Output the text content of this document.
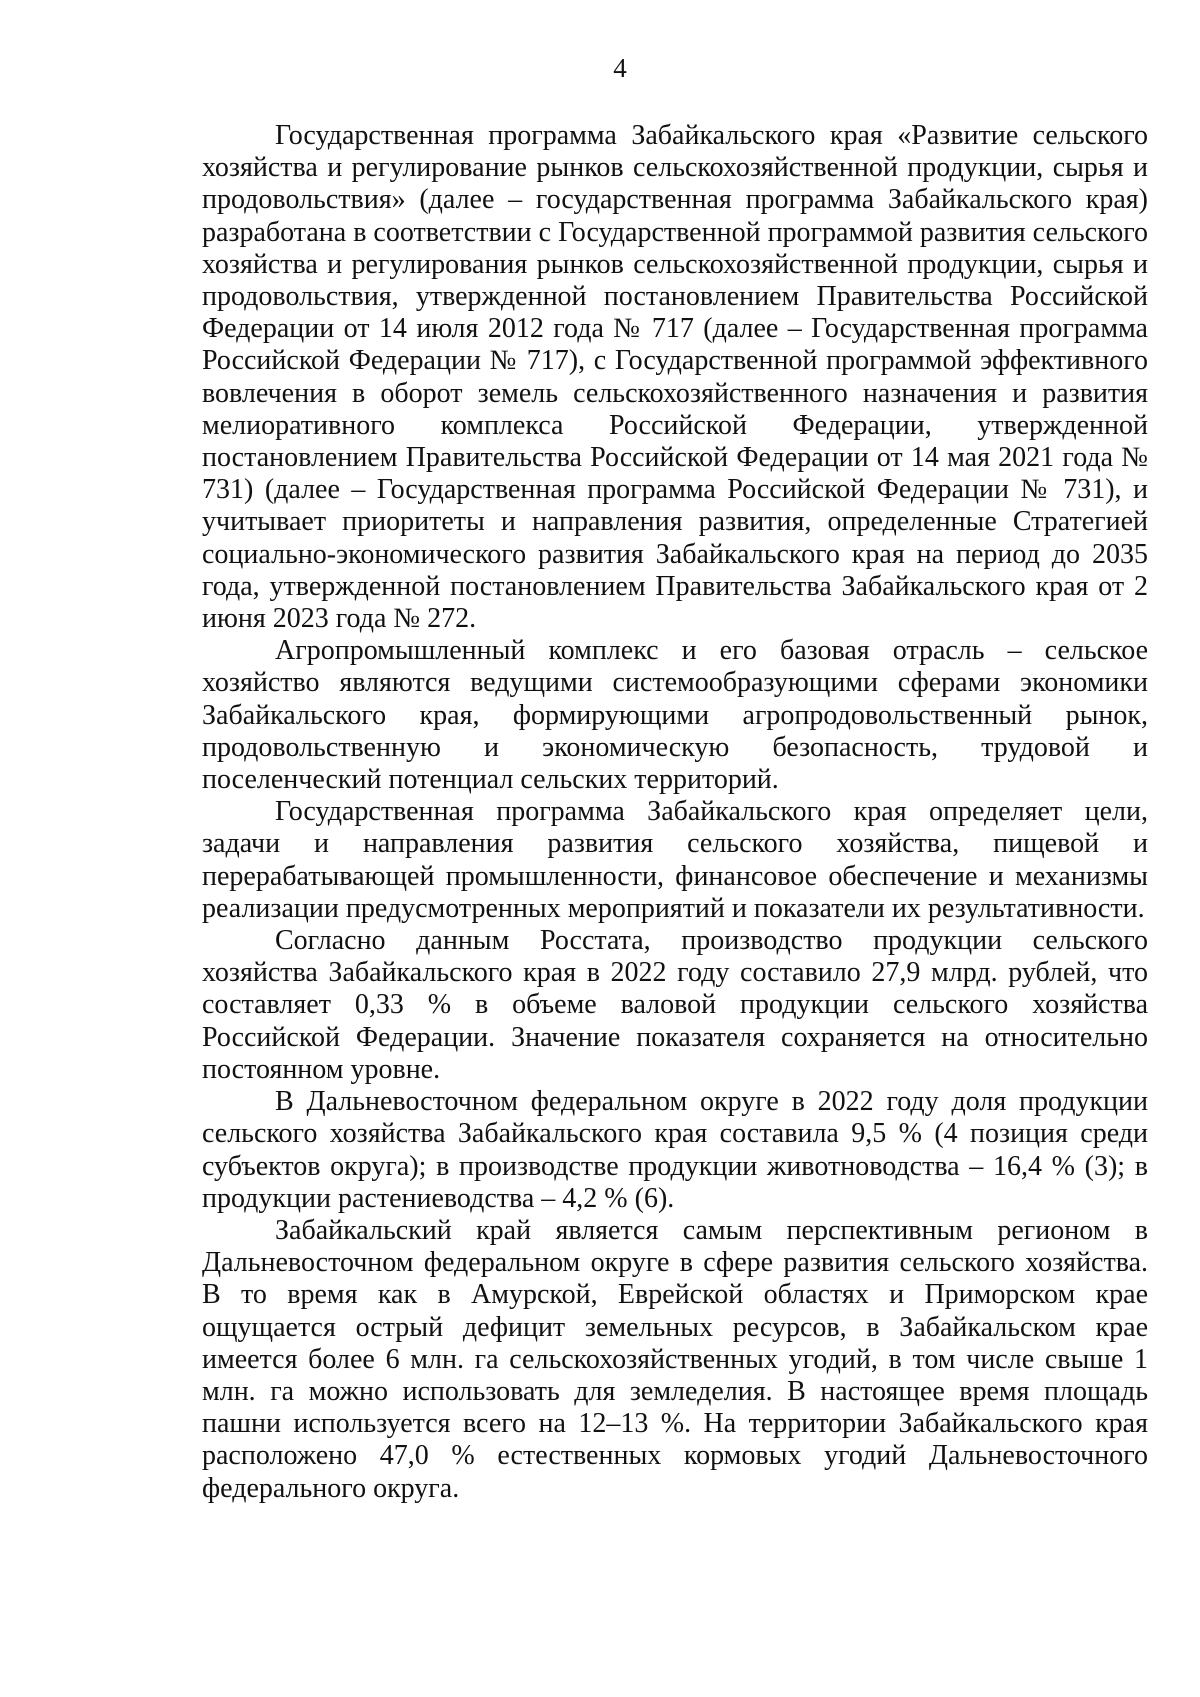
4

Государственная программа Забайкальского края «Развитие сельского хозяйства и регулирование рынков сельскохозяйственной продукции, сырья и продовольствия» (далее – государственная программа Забайкальского края) разработана в соответствии с Государственной программой развития сельского хозяйства и регулирования рынков сельскохозяйственной продукции, сырья и продовольствия, утвержденной постановлением Правительства Российской Федерации от 14 июля 2012 года № 717 (далее – Государственная программа Российской Федерации № 717), с Государственной программой эффективного вовлечения в оборот земель сельскохозяйственного назначения и развития мелиоративного комплекса Российской Федерации, утвержденной постановлением Правительства Российской Федерации от 14 мая 2021 года № 731) (далее – Государственная программа Российской Федерации № 731), и учитывает приоритеты и направления развития, определенные Стратегией социально-экономического развития Забайкальского края на период до 2035 года, утвержденной постановлением Правительства Забайкальского края от 2 июня 2023 года № 272.

Агропромышленный комплекс и его базовая отрасль – сельское хозяйство являются ведущими системообразующими сферами экономики Забайкальского края, формирующими агропродовольственный рынок, продовольственную и экономическую безопасность, трудовой и поселенческий потенциал сельских территорий.

Государственная программа Забайкальского края определяет цели, задачи и направления развития сельского хозяйства, пищевой и перерабатывающей промышленности, финансовое обеспечение и механизмы реализации предусмотренных мероприятий и показатели их результативности.

Согласно данным Росстата, производство продукции сельского хозяйства Забайкальского края в 2022 году составило 27,9 млрд. рублей, что составляет 0,33 % в объеме валовой продукции сельского хозяйства Российской Федерации. Значение показателя сохраняется на относительно постоянном уровне.

В Дальневосточном федеральном округе в 2022 году доля продукции сельского хозяйства Забайкальского края составила 9,5 % (4 позиция среди субъектов округа); в производстве продукции животноводства – 16,4 % (3); в продукции растениеводства – 4,2 % (6).

Забайкальский край является самым перспективным регионом в Дальневосточном федеральном округе в сфере развития сельского хозяйства. В то время как в Амурской, Еврейской областях и Приморском крае ощущается острый дефицит земельных ресурсов, в Забайкальском крае имеется более 6 млн. га сельскохозяйственных угодий, в том числе свыше 1 млн. га можно использовать для земледелия. В настоящее время площадь пашни используется всего на 12–13 %. На территории Забайкальского края расположено 47,0 % естественных кормовых угодий Дальневосточного федерального округа.
